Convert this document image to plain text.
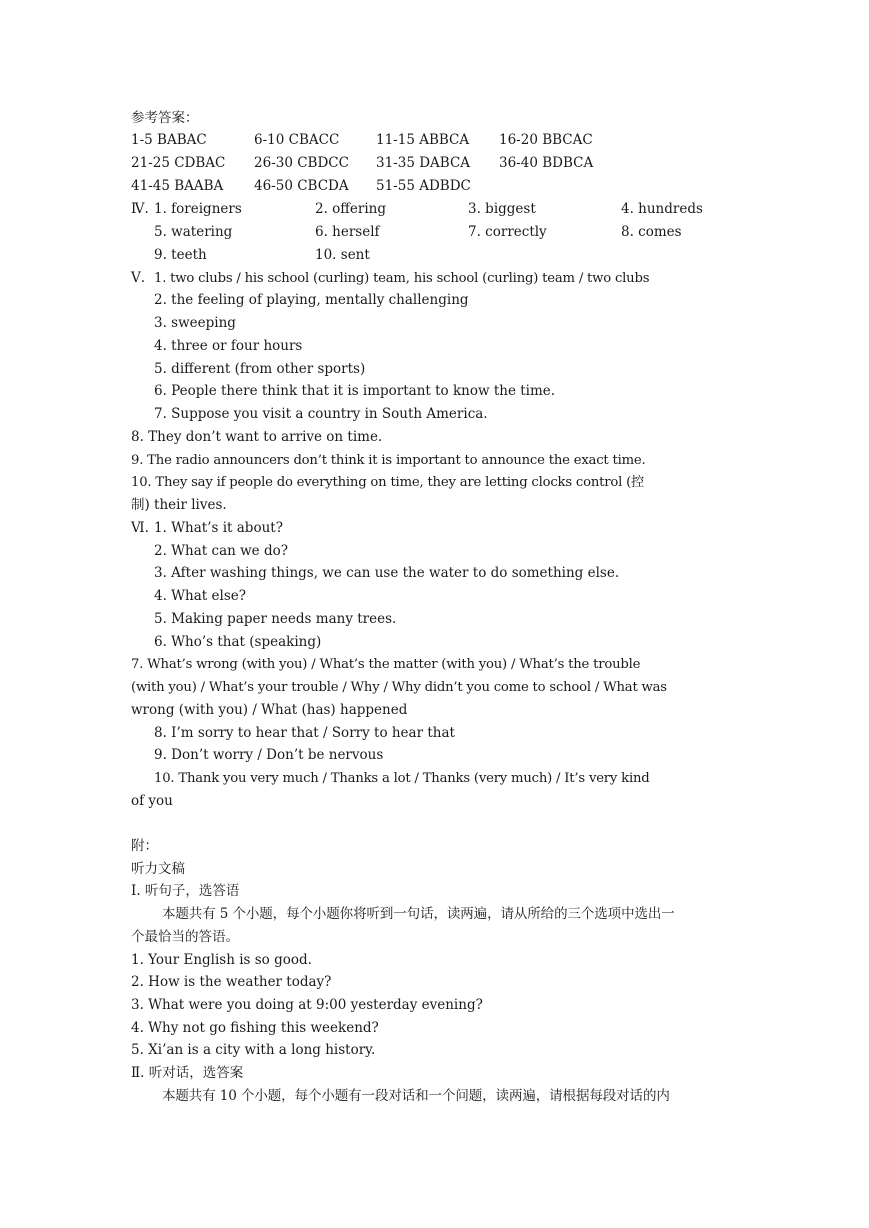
参考答案：
1-5 BABAC	6-10 CBACC	11-15 ABBCA 16-20 BBCAC
21-25 CDBAC 26-30 CBDCC 31-35 DABCA 36-40 BDBCA
41-45 BAABA 46-50 CBCDA 51-55 ADBDC
Ⅳ. 1. foreigners	2. offering	3. biggest	4. hundreds
5. watering	6. herself	7. correctly	8. comes
9. teeth	10. sent
Ⅴ. 1. two clubs / his school (curling) team, his school (curling) team / two clubs
2. the feeling of playing, mentally challenging
3. sweeping
4. three or four hours
5. different (from other sports)
6. People there think that it is important to know the time.
7. Suppose you visit a country in South America.
8. They don’t want to arrive on time.
9. The radio announcers don’t think it is important to announce the exact time.
10. They say if people do everything on time, they are letting clocks control (控
制) their lives.
Ⅵ. 1. What’s it about?
2. What can we do?
3. After washing things, we can use the water to do something else.
4. What else?
5. Making paper needs many trees.
6. Who’s that (speaking)
7. What’s wrong (with you) / What’s the matter (with you) / What’s the trouble
(with you) / What’s your trouble / Why / Why didn’t you come to school / What was
wrong (with you) / What (has) happened
8. I’m sorry to hear that / Sorry to hear that
9. Don’t worry / Don’t be nervous
10. Thank you very much / Thanks a lot / Thanks (very much) / It’s very kind
of you
附：
听力文稿
Ⅰ. 听句子，选答语
本题共有 5 个小题，每个小题你将听到一句话，读两遍，请从所给的三个选项中选出一
个最恰当的答语。
1. Your English is so good.
2. How is the weather today?
3. What were you doing at 9:00 yesterday evening?
4. Why not go fishing this weekend?
5. Xi’an is a city with a long history.
Ⅱ. 听对话，选答案
本题共有 10 个小题，每个小题有一段对话和一个问题，读两遍，请根据每段对话的内
